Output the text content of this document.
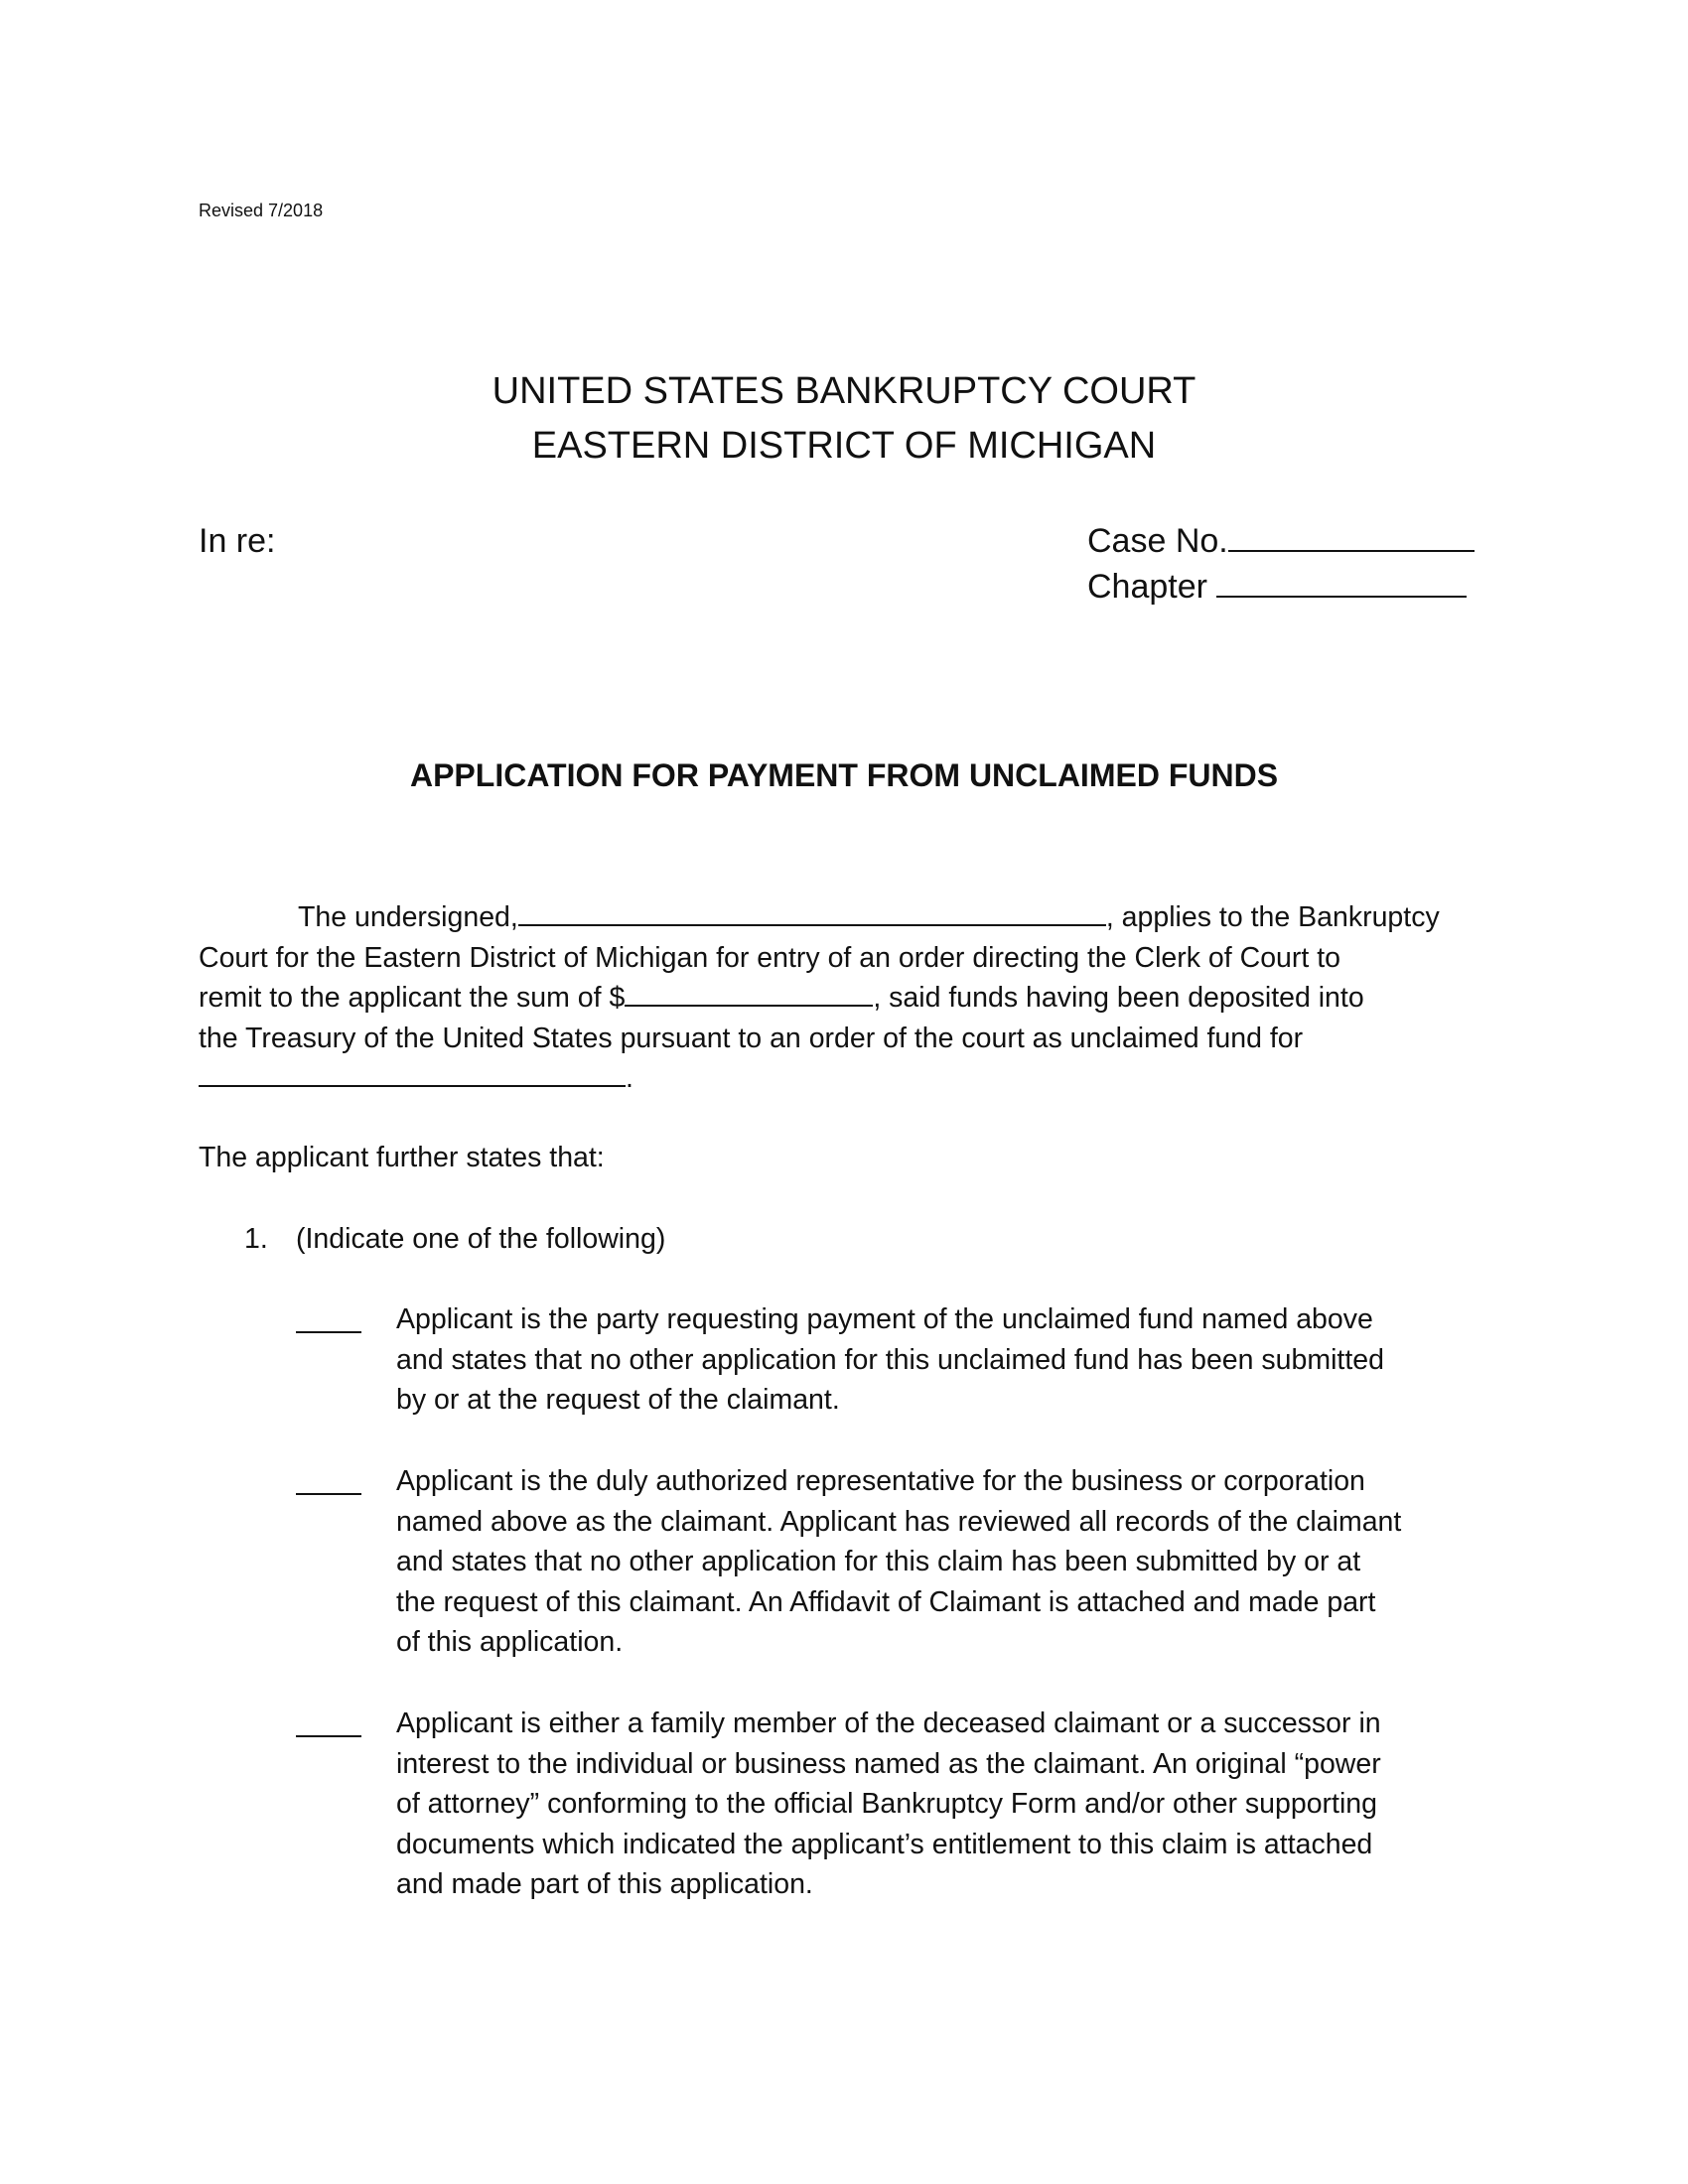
Revised 7/2018
UNITED STATES BANKRUPTCY COURT
EASTERN DISTRICT OF MICHIGAN
In re:	Case No.
Chapter
APPLICATION FOR PAYMENT FROM UNCLAIMED FUNDS
The undersigned,	, applies to the Bankruptcy
Court for the Eastern District of Michigan for entry of an order directing the Clerk of Court to
remit to the applicant the sum of $	, said funds having been deposited into
the Treasury of the United States pursuant to an order of the court as unclaimed fund for
.
The applicant further states that:
1. (Indicate one of the following)
Applicant is the party requesting payment of the unclaimed fund named above
and states that no other application for this unclaimed fund has been submitted
by or at the request of the claimant.
Applicant is the duly authorized representative for the business or corporation
named above as the claimant. Applicant has reviewed all records of the claimant
and states that no other application for this claim has been submitted by or at
the request of this claimant. An Affidavit of Claimant is attached and made part
of this application.
Applicant is either a family member of the deceased claimant or a successor in
interest to the individual or business named as the claimant. An original “power
of attorney” conforming to the official Bankruptcy Form and/or other supporting
documents which indicated the applicant’s entitlement to this claim is attached
and made part of this application.
